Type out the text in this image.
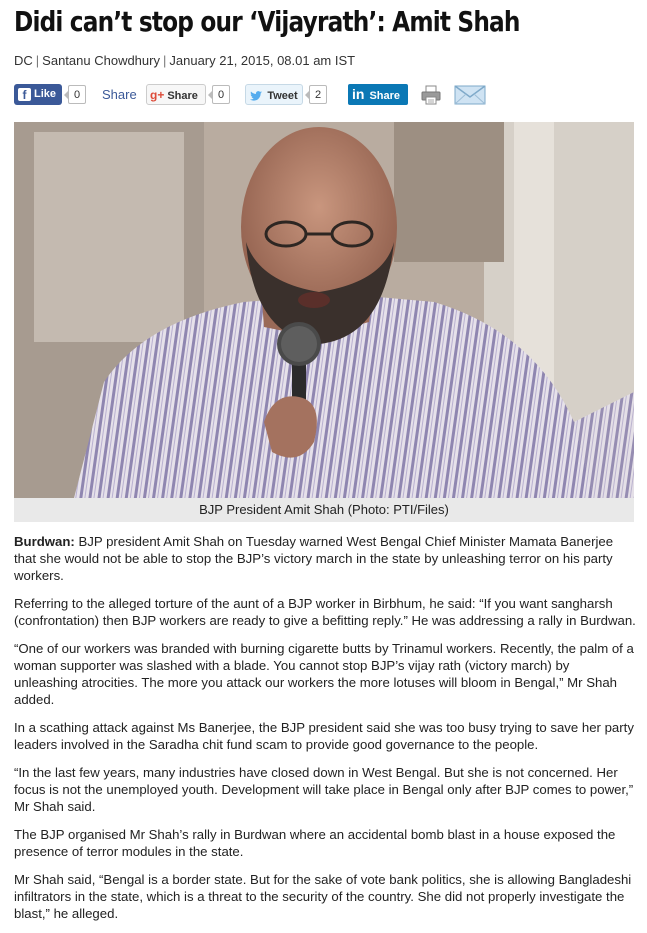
Didi can’t stop our ‘Vijayrath’: Amit Shah
DC | Santanu Chowdhury | January 21, 2015, 08.01 am IST
f Like	0	Share	g+ Share	0	Tweet	2	in Share
BJP President Amit Shah (Photo: PTI/Files)

Burdwan: BJP president Amit Shah on Tuesday warned West Bengal Chief Minister Mamata Banerjee that she would not be able to stop the BJP’s victory march in the state by unleashing terror on his party workers.

Referring to the alleged torture of the aunt of a BJP worker in Birbhum, he said: “If you want sangharsh (confrontation) then BJP workers are ready to give a befitting reply.” He was addressing a rally in Burdwan.

“One of our workers was branded with burning cigarette butts by Trinamul workers. Recently, the palm of a woman supporter was slashed with a blade. You cannot stop BJP’s vijay rath (victory march) by unleashing atrocities. The more you attack our workers the more lotuses will bloom in Bengal,” Mr Shah added.

In a scathing attack against Ms Banerjee, the BJP president said she was too busy trying to save her party leaders involved in the Saradha chit fund scam to provide good governance to the people.

“In the last few years, many industries have closed down in West Bengal. But she is not concerned. Her focus is not the unemployed youth. Development will take place in Bengal only after BJP comes to power,” Mr Shah said.

The BJP organised Mr Shah’s rally in Burdwan where an accidental bomb blast in a house exposed the presence of terror modules in the state.

Mr Shah said, “Bengal is a border state. But for the sake of vote bank politics, she is allowing Bangladeshi infiltrators in the state, which is a threat to the security of the country. She did not properly investigate the blast,” he alleged.
